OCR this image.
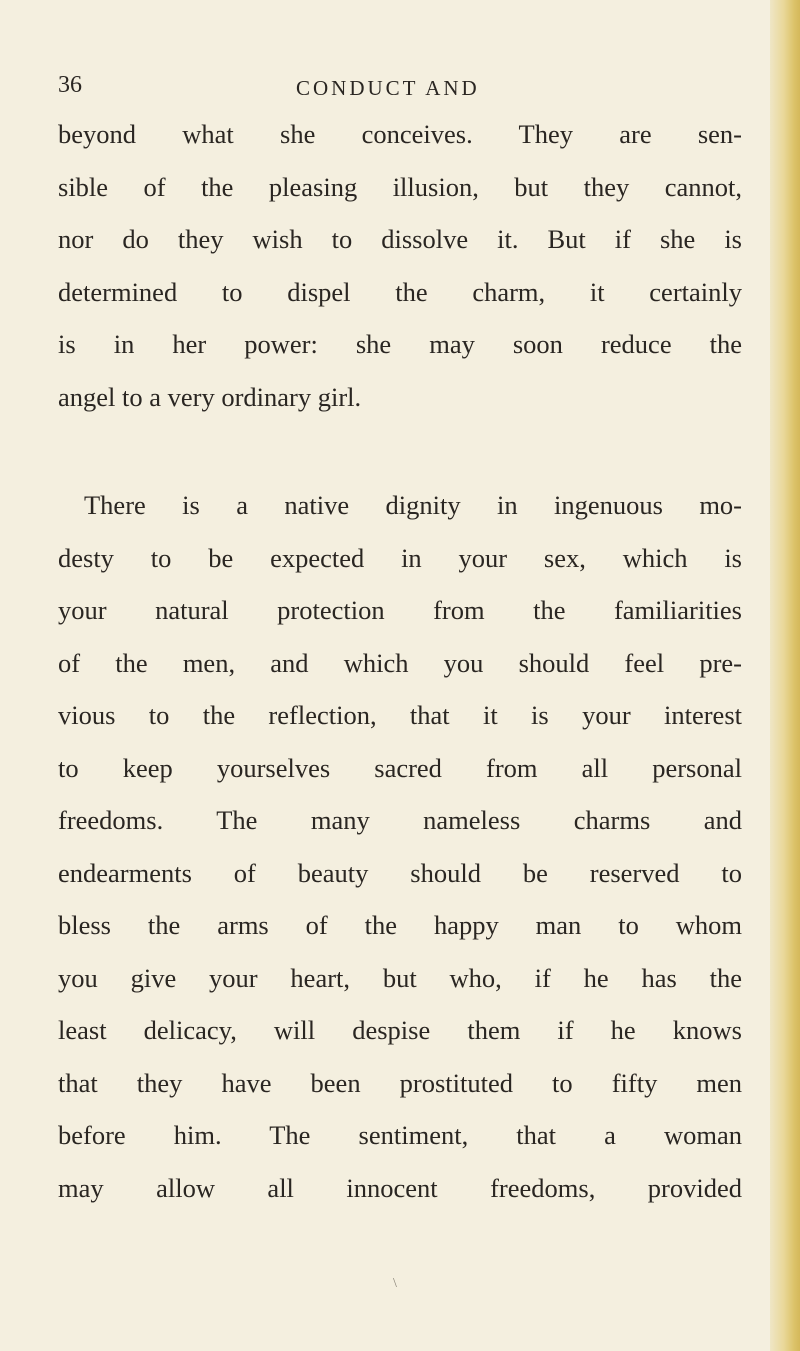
36	CONDUCT AND

beyond what she conceives. They are sen-
sible of the pleasing illusion, but they cannot,
nor do they wish to dissolve it. But if she is
determined to dispel the charm, it certainly
is in her power: she may soon reduce the
angel to a very ordinary girl.

There is a native dignity in ingenuous mo-
desty to be expected in your sex, which is
your natural protection from the familiarities
of the men, and which you should feel pre-
vious to the reflection, that it is your interest
to keep yourselves sacred from all personal
freedoms. The many nameless charms and
endearments of beauty should be reserved to
bless the arms of the happy man to whom
you give your heart, but who, if he has the
least delicacy, will despise them if he knows
that they have been prostituted to fifty men
before him. The sentiment, that a woman
may allow all innocent freedoms, provided

\
